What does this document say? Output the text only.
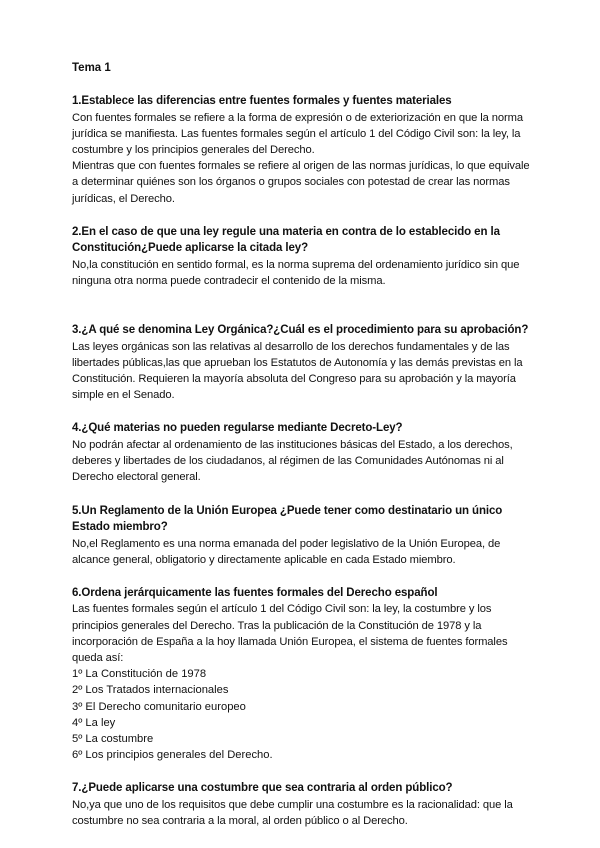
Tema 1

1.Establece las diferencias entre fuentes formales y fuentes materiales

Con fuentes formales se refiere a la forma de expresión o de exteriorización en que la norma jurídica se manifiesta. Las fuentes formales según el artículo 1 del Código Civil son: la ley, la costumbre y los principios generales del Derecho.

Mientras que con fuentes formales se refiere al origen de las normas jurídicas, lo que equivale a determinar quiénes son los órganos o grupos sociales con potestad de crear las normas jurídicas, el Derecho.

2.En el caso de que una ley regule una materia en contra de lo establecido en la Constitución¿Puede aplicarse la citada ley?

No,la constitución en sentido formal, es la norma suprema del ordenamiento jurídico sin que ninguna otra norma puede contradecir el contenido de la misma.

3.¿A qué se denomina Ley Orgánica?¿Cuál es el procedimiento para su aprobación?

Las leyes orgánicas son las relativas al desarrollo de los derechos fundamentales y de las libertades públicas,las que aprueban los Estatutos de Autonomía y las demás previstas en la Constitución. Requieren la mayoría absoluta del Congreso para su aprobación y la mayoría simple en el Senado.

4.¿Qué materias no pueden regularse mediante Decreto-Ley?

No podrán afectar al ordenamiento de las instituciones básicas del Estado, a los derechos, deberes y libertades de los ciudadanos, al régimen de las Comunidades Autónomas ni al Derecho electoral general.

5.Un Reglamento de la Unión Europea ¿Puede tener como destinatario un único Estado miembro?

No,el Reglamento es una norma emanada del poder legislativo de la Unión Europea, de alcance general, obligatorio y directamente aplicable en cada Estado miembro.

6.Ordena jerárquicamente las fuentes formales del Derecho español

Las fuentes formales según el artículo 1 del Código Civil son: la ley, la costumbre y los principios generales del Derecho. Tras la publicación de la Constitución de 1978 y la incorporación de España a la hoy llamada Unión Europea, el sistema de fuentes formales queda así:

1º La Constitución de 1978
2º Los Tratados internacionales
3º El Derecho comunitario europeo
4º La ley
5º La costumbre
6º Los principios generales del Derecho.

7.¿Puede aplicarse una costumbre que sea contraria al orden público?

No,ya que uno de los requisitos que debe cumplir una costumbre es la racionalidad: que la costumbre no sea contraria a la moral, al orden público o al Derecho.
